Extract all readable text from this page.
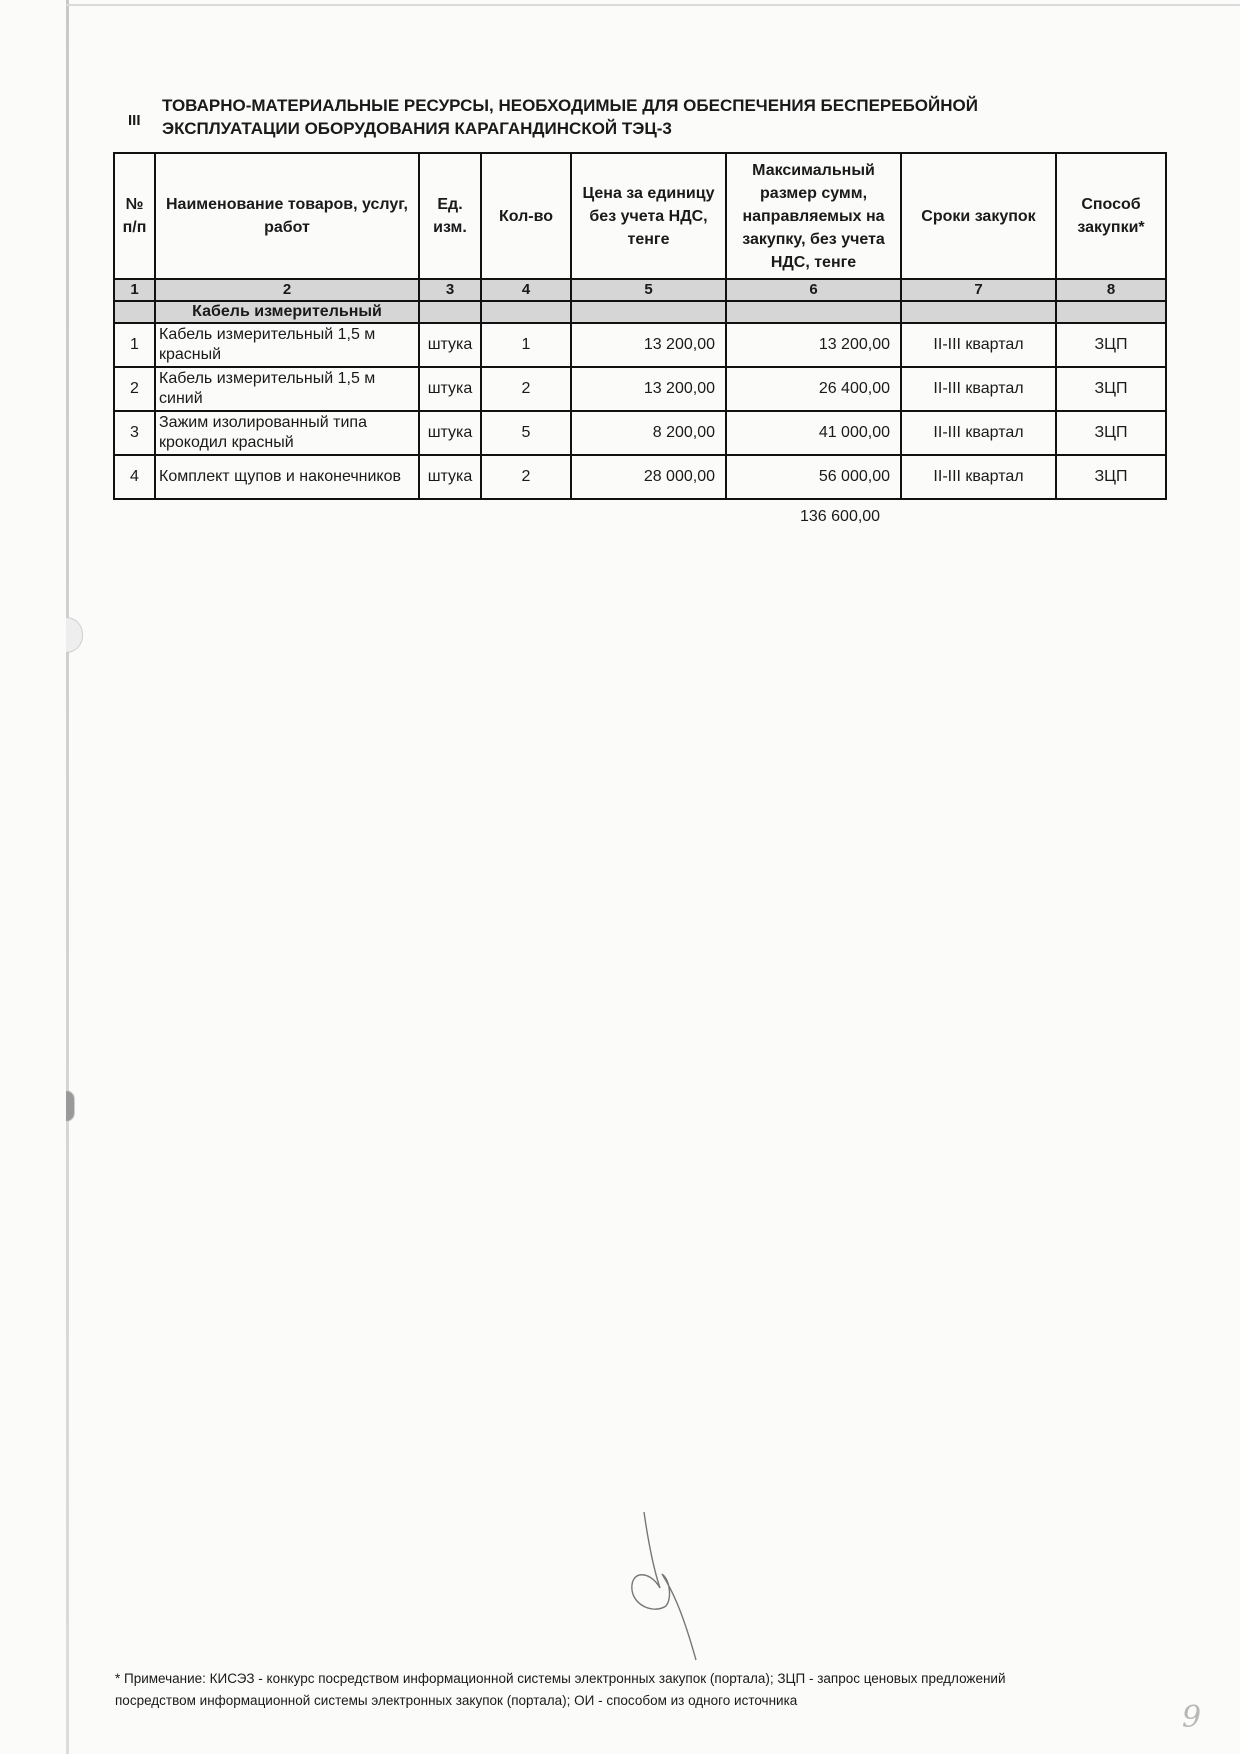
III
ТОВАРНО-МАТЕРИАЛЬНЫЕ РЕСУРСЫ, НЕОБХОДИМЫЕ ДЛЯ ОБЕСПЕЧЕНИЯ БЕСПЕРЕБОЙНОЙ ЭКСПЛУАТАЦИИ ОБОРУДОВАНИЯ КАРАГАНДИНСКОЙ ТЭЦ-3
№ п/п	Наименование товаров, услуг, работ	Ед. изм.	Кол-во	Цена за единицу без учета НДС, тенге	Максимальный размер сумм, направляемых на закупку, без учета НДС, тенге	Сроки закупок	Способ закупки*
1	2	3	4	5	6	7	8
	Кабель измерительный						
1	Кабель измерительный 1,5 м красный	штука	1	13 200,00	13 200,00	II-III квартал	ЗЦП
2	Кабель измерительный 1,5 м синий	штука	2	13 200,00	26 400,00	II-III квартал	ЗЦП
3	Зажим изолированный типа крокодил красный	штука	5	8 200,00	41 000,00	II-III квартал	ЗЦП
4	Комплект щупов и наконечников	штука	2	28 000,00	56 000,00	II-III квартал	ЗЦП
136 600,00
* Примечание: КИСЭЗ - конкурс посредством информационной системы электронных закупок (портала); ЗЦП - запрос ценовых предложений посредством информационной системы электронных закупок (портала); ОИ - способом из одного источника	9
